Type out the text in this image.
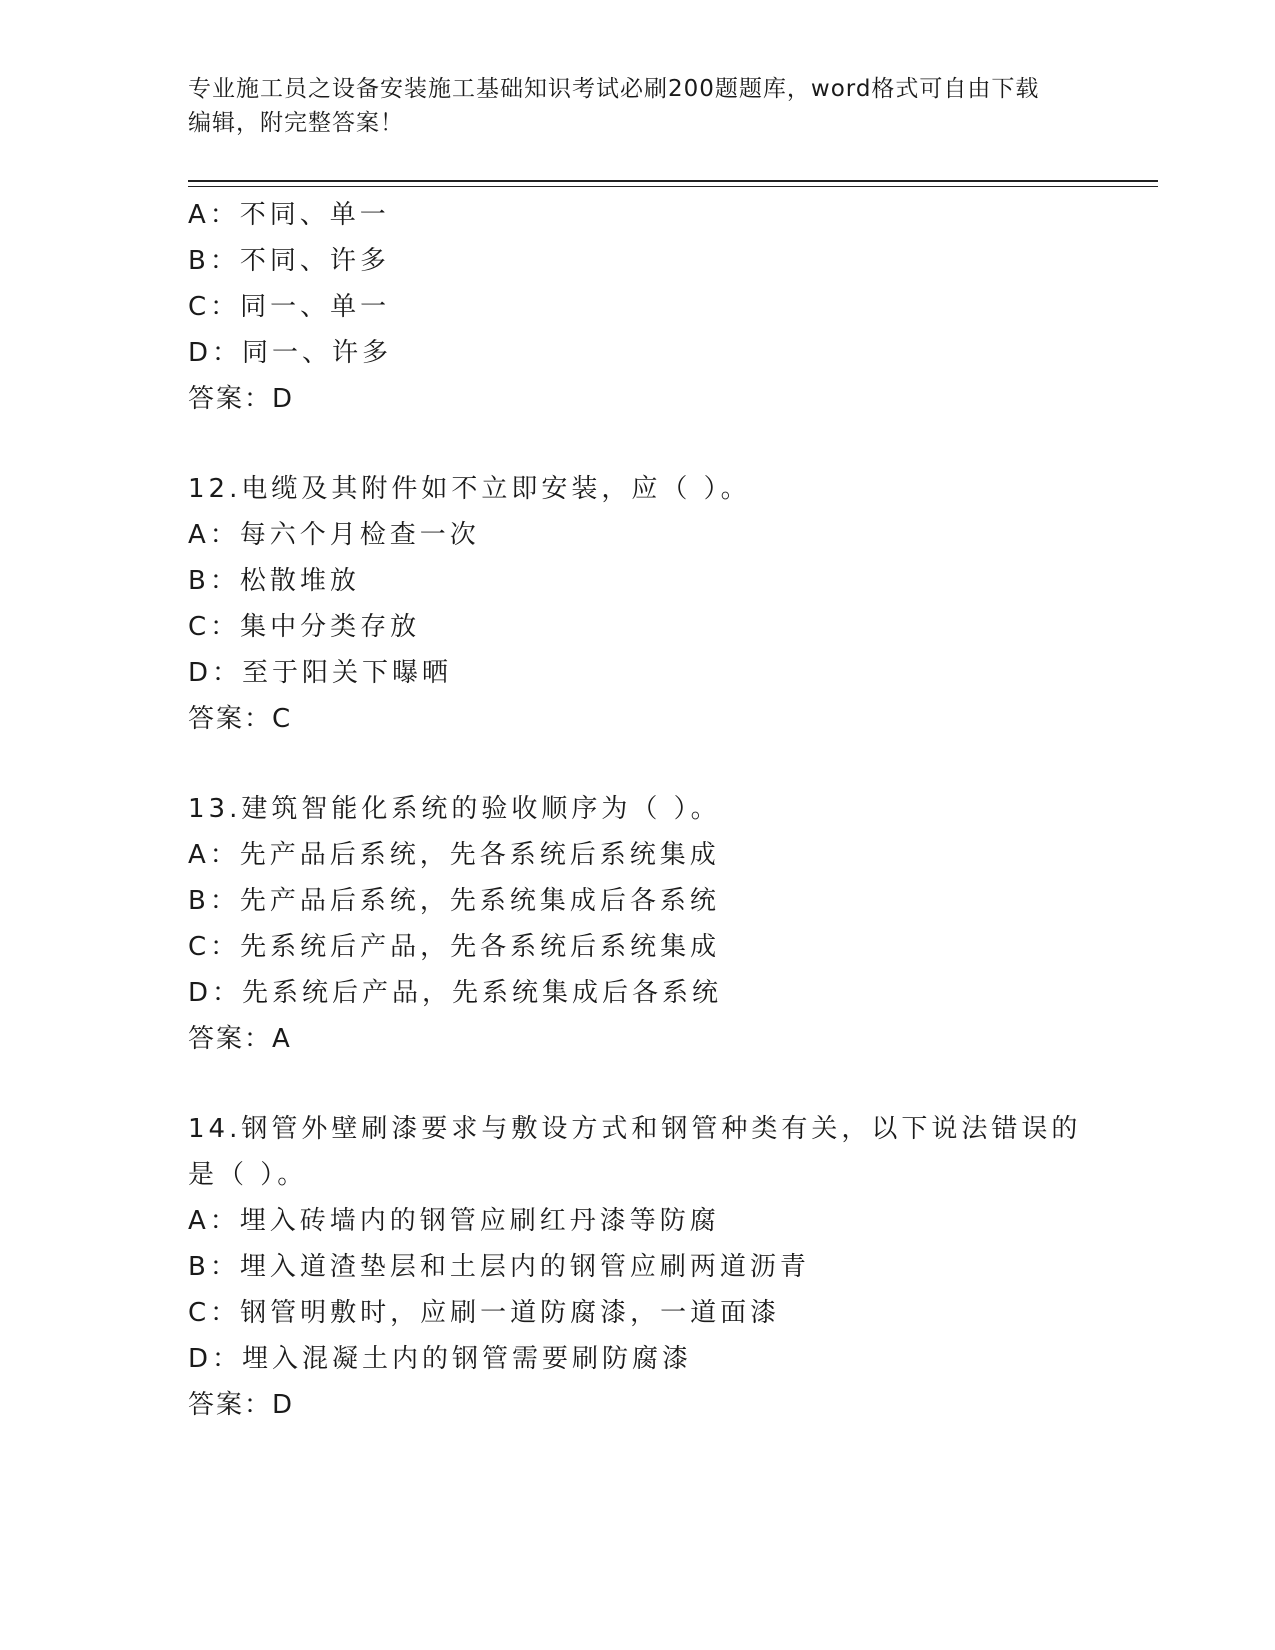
专业施工员之设备安装施工基础知识考试必刷200题题库，word格式可自由下载
编辑，附完整答案！
A：不同、单一
B：不同、许多
C：同一、单一
D：同一、许多
答案：D
12.电缆及其附件如不立即安装，应（ ）。
A：每六个月检查一次
B：松散堆放
C：集中分类存放
D：至于阳关下曝晒
答案：C
13.建筑智能化系统的验收顺序为（ ）。
A：先产品后系统，先各系统后系统集成
B：先产品后系统，先系统集成后各系统
C：先系统后产品，先各系统后系统集成
D：先系统后产品，先系统集成后各系统
答案：A
14.钢管外壁刷漆要求与敷设方式和钢管种类有关，以下说法错误的是（ ）。
A：埋入砖墙内的钢管应刷红丹漆等防腐
B：埋入道渣垫层和土层内的钢管应刷两道沥青
C：钢管明敷时，应刷一道防腐漆，一道面漆
D：埋入混凝土内的钢管需要刷防腐漆
答案：D
